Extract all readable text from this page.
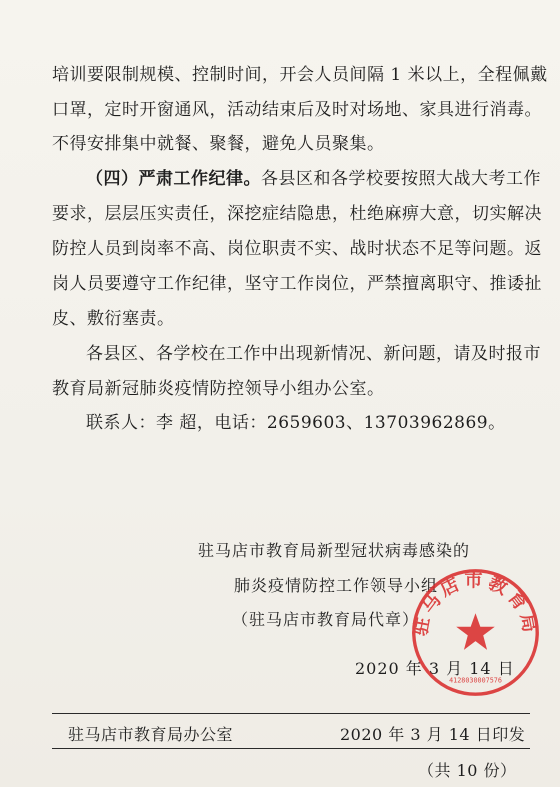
培训要限制规模、控制时间，开会人员间隔 1 米以上，全程佩戴
口罩，定时开窗通风，活动结束后及时对场地、家具进行消毒。
不得安排集中就餐、聚餐，避免人员聚集。
（四）严肃工作纪律。各县区和各学校要按照大战大考工作
要求，层层压实责任，深挖症结隐患，杜绝麻痹大意，切实解决
防控人员到岗率不高、岗位职责不实、战时状态不足等问题。返
岗人员要遵守工作纪律，坚守工作岗位，严禁擅离职守、推诿扯
皮、敷衍塞责。
各县区、各学校在工作中出现新情况、新问题，请及时报市
教育局新冠肺炎疫情防控领导小组办公室。
联系人：李 超，电话：2659603、13703962869。
驻马店市教育局新型冠状病毒感染的
肺炎疫情防控工作领导小组
（驻马店市教育局代章）
2020 年 3 月 14 日
驻马店市教育局
4128030007576
驻马店市教育局办公室	2020 年 3 月 14 日印发
（共 10 份）
